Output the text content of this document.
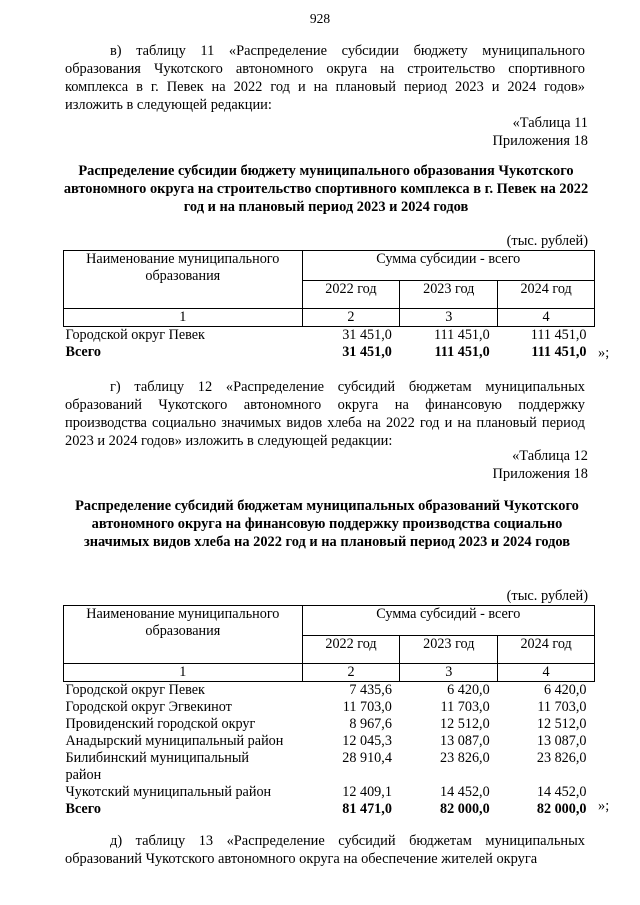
928
в) таблицу 11 «Распределение субсидии бюджету муниципального образования Чукотского автономного округа на строительство спортивного комплекса в г. Певек на 2022 год и на плановый период 2023 и 2024 годов» изложить в следующей редакции:
«Таблица 11
Приложения 18
Распределение субсидии бюджету муниципального образования Чукотского автономного округа на строительство спортивного комплекса в г. Певек на 2022 год и на плановый период 2023 и 2024 годов
(тыс. рублей)
Наименование муниципального образования	Сумма субсидии - всего		
	2022 год	2023 год	2024 год
1	2	3	4
Городской округ Певек	31 451,0	111 451,0	111 451,0
Всего	31 451,0	111 451,0	111 451,0 »;
г) таблицу 12 «Распределение субсидий бюджетам муниципальных образований Чукотского автономного округа на финансовую поддержку производства социально значимых видов хлеба на 2022 год и на плановый период 2023 и 2024 годов» изложить в следующей редакции:
«Таблица 12
Приложения 18
Распределение субсидий бюджетам муниципальных образований Чукотского автономного округа на финансовую поддержку производства социально значимых видов хлеба на 2022 год и на плановый период 2023 и 2024 годов
(тыс. рублей)
Наименование муниципального образования	Сумма субсидий - всего		
	2022 год	2023 год	2024 год
1	2	3	4
Городской округ Певек	7 435,6	6 420,0	6 420,0
Городской округ Эгвекинот	11 703,0	11 703,0	11 703,0
Провиденский городской округ	8 967,6	12 512,0	12 512,0
Анадырский муниципальный район	12 045,3	13 087,0	13 087,0
Билибинский муниципальный район	28 910,4	23 826,0	23 826,0
Чукотский муниципальный район	12 409,1	14 452,0	14 452,0
Всего	81 471,0	82 000,0	82 000,0 »;
д) таблицу 13 «Распределение субсидий бюджетам муниципальных образований Чукотского автономного округа на обеспечение жителей округа
